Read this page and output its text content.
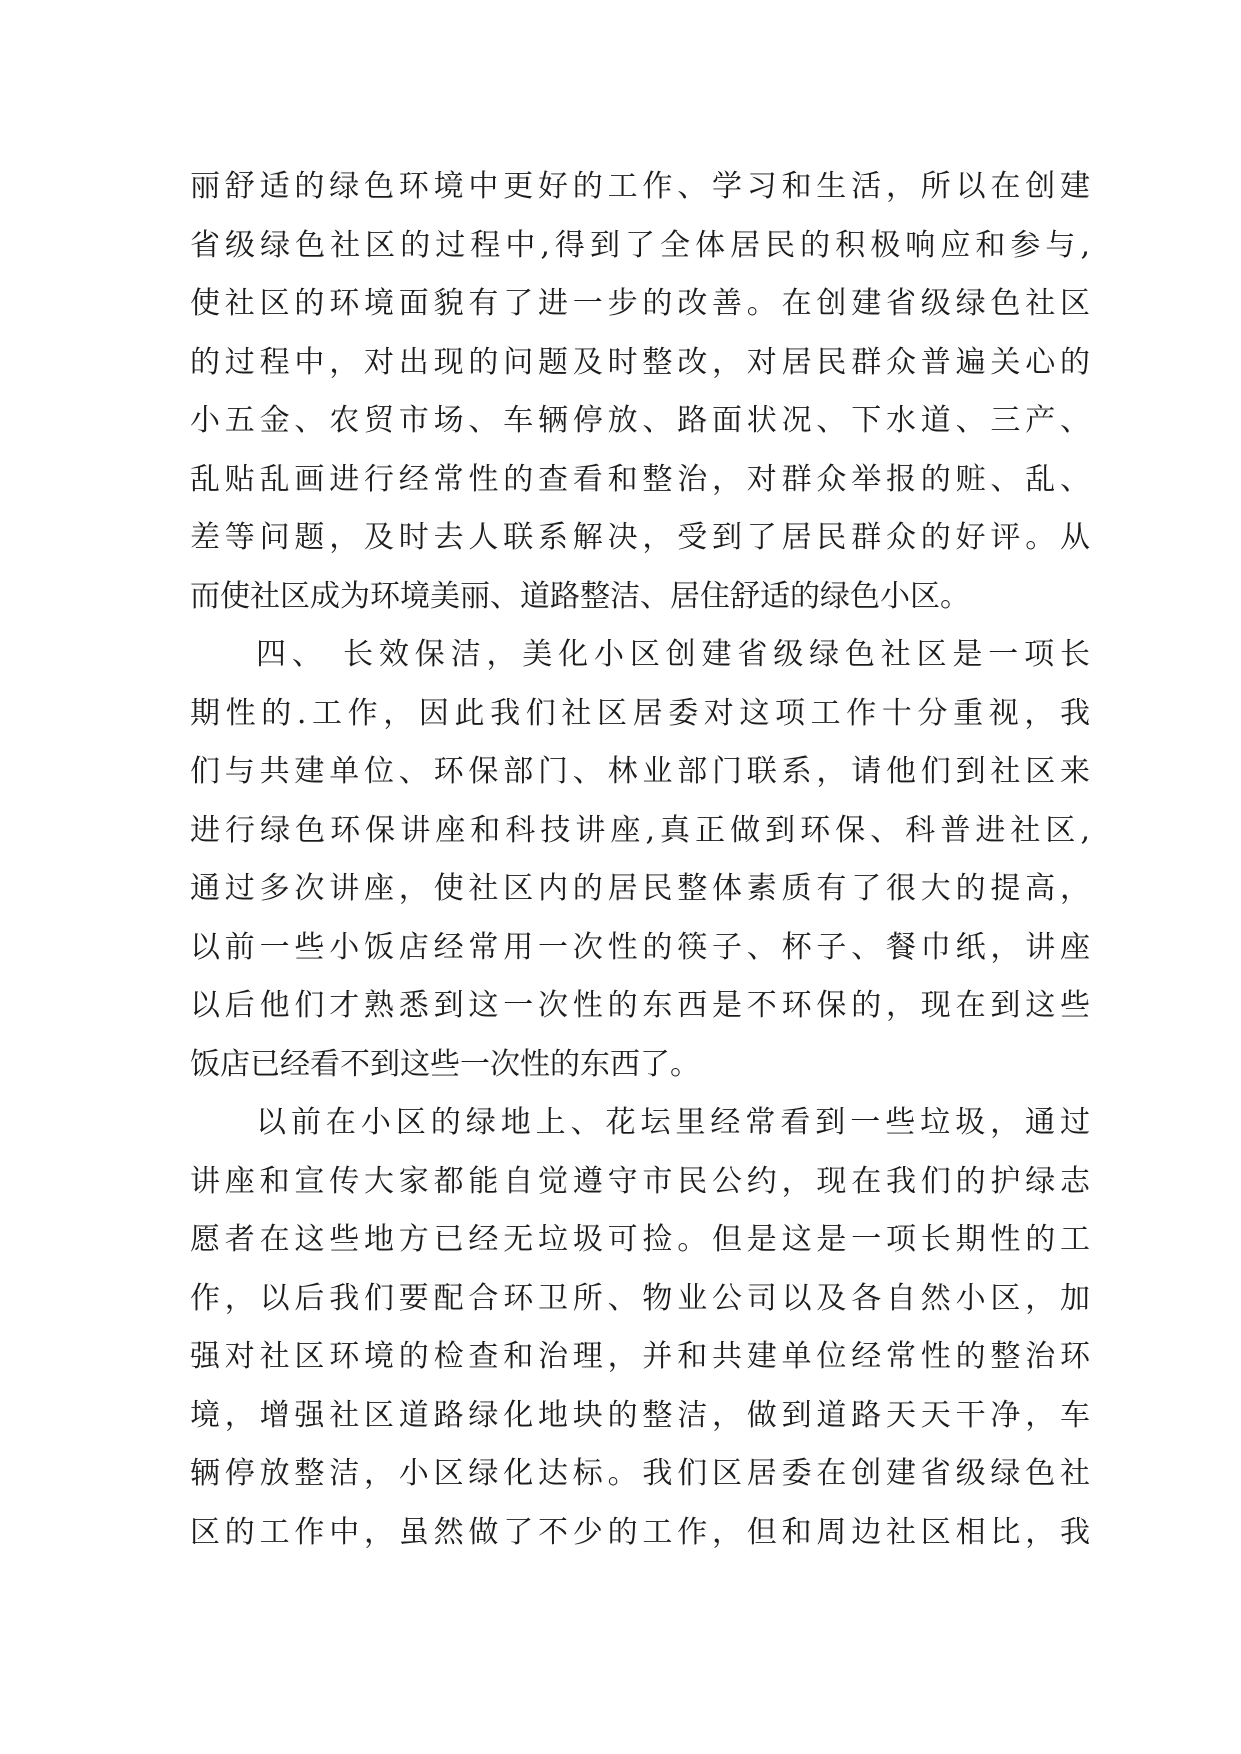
丽舒适的绿色环境中更好的工作、学习和生活，所以在创建
省级绿色社区的过程中,得到了全体居民的积极响应和参与,
使社区的环境面貌有了进一步的改善。在创建省级绿色社区
的过程中，对出现的问题及时整改，对居民群众普遍关心的
小五金、农贸市场、车辆停放、路面状况、下水道、三产、
乱贴乱画进行经常性的查看和整治，对群众举报的赃、乱、
差等问题，及时去人联系解决，受到了居民群众的好评。从
而使社区成为环境美丽、道路整洁、居住舒适的绿色小区。
四、 长效保洁，美化小区创建省级绿色社区是一项长
期性的.工作，因此我们社区居委对这项工作十分重视，我
们与共建单位、环保部门、林业部门联系，请他们到社区来
进行绿色环保讲座和科技讲座,真正做到环保、科普进社区,
通过多次讲座，使社区内的居民整体素质有了很大的提高，
以前一些小饭店经常用一次性的筷子、杯子、餐巾纸，讲座
以后他们才熟悉到这一次性的东西是不环保的，现在到这些
饭店已经看不到这些一次性的东西了。
以前在小区的绿地上、花坛里经常看到一些垃圾，通过
讲座和宣传大家都能自觉遵守市民公约，现在我们的护绿志
愿者在这些地方已经无垃圾可捡。但是这是一项长期性的工
作，以后我们要配合环卫所、物业公司以及各自然小区，加
强对社区环境的检查和治理，并和共建单位经常性的整治环
境，增强社区道路绿化地块的整洁，做到道路天天干净，车
辆停放整洁，小区绿化达标。我们区居委在创建省级绿色社
区的工作中，虽然做了不少的工作，但和周边社区相比，我
